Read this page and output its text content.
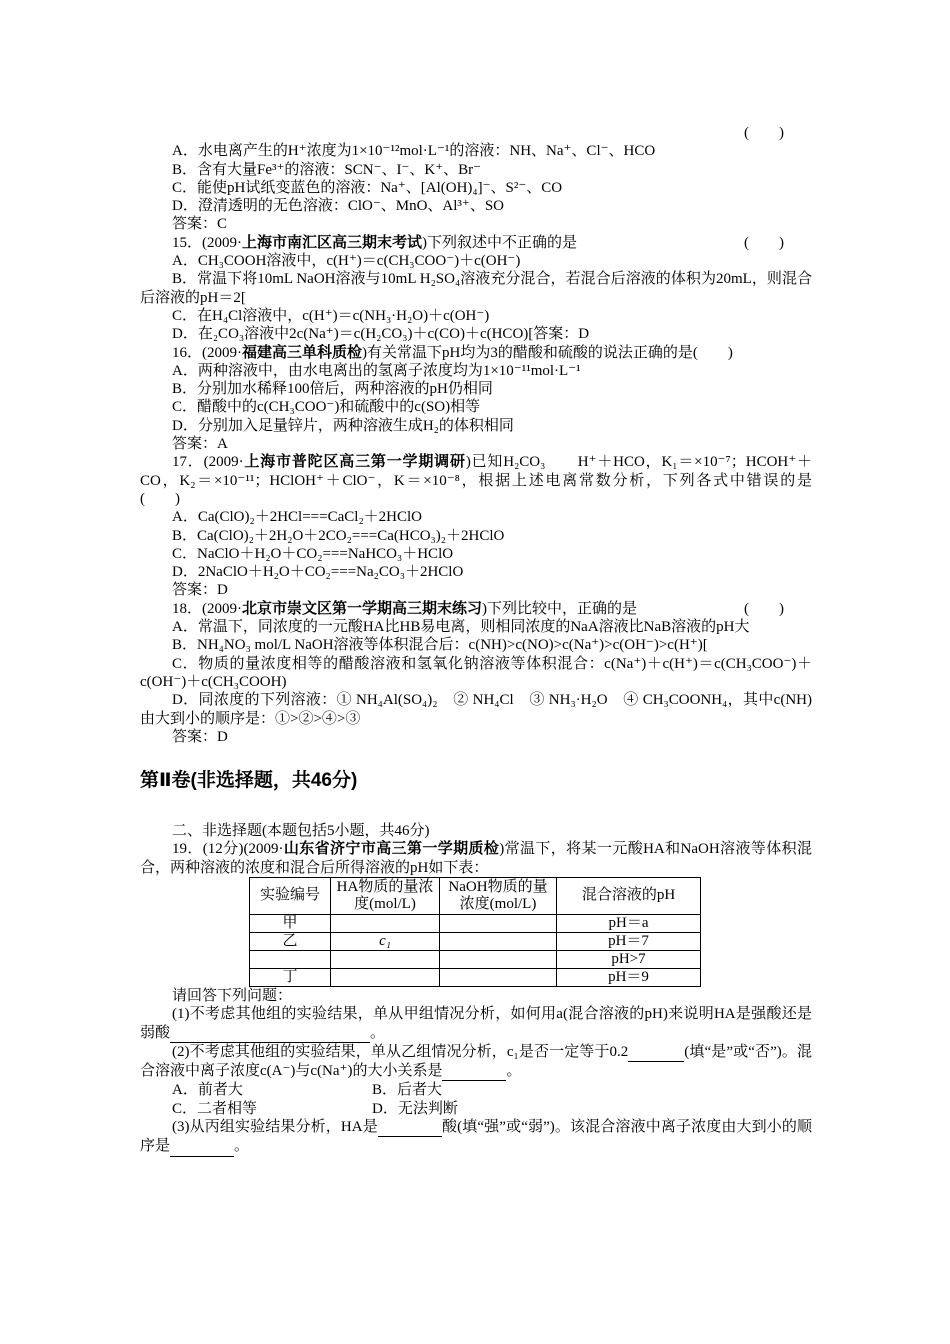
(　　)
A．水电离产生的H⁺浓度为1×10⁻¹²mol·L⁻¹的溶液：NH、Na⁺、Cl⁻、HCO
B．含有大量Fe³⁺的溶液：SCN⁻、I⁻、K⁺、Br⁻
C．能使pH试纸变蓝色的溶液：Na⁺、[Al(OH)₄]⁻、S²⁻、CO
D．澄清透明的无色溶液：ClO⁻、MnO、Al³⁺、SO
答案：C
15．(2009·上海市南汇区高三期末考试)下列叙述中不正确的是	(　　)
A．CH₃COOH溶液中，c(H⁺)＝c(CH₃COO⁻)＋c(OH⁻)
B．常温下将10mL NaOH溶液与10mL H₂SO₄溶液充分混合，若混合后溶液的体积为20mL，则混合后溶液的pH＝2[
C．在H₄Cl溶液中，c(H⁺)＝c(NH₃·H₂O)＋c(OH⁻)
D．在₂CO₃溶液中2c(Na⁺)＝c(H₂CO₃)＋c(CO)＋c(HCO)[答案：D
16．(2009·福建高三单科质检)有关常温下pH均为3的醋酸和硫酸的说法正确的是(　　)
A．两种溶液中，由水电离出的氢离子浓度均为1×10⁻¹¹mol·L⁻¹
B．分别加水稀释100倍后，两种溶液的pH仍相同
C．醋酸中的c(CH₃COO⁻)和硫酸中的c(SO)相等
D．分别加入足量锌片，两种溶液生成H₂的体积相同
答案：A
17．(2009·上海市普陀区高三第一学期调研)已知H₂CO₃　　H⁺＋HCO，K₁＝×10⁻⁷；HCOH⁺＋CO，K₂＝×10⁻¹¹；HClOH⁺＋ClO⁻，K＝×10⁻⁸，根据上述电离常数分析，下列各式中错误的是　　　　　　　　　　　　　　　　　　　(　　)
A．Ca(ClO)₂＋2HCl===CaCl₂＋2HClO
B．Ca(ClO)₂＋2H₂O＋2CO₂===Ca(HCO₃)₂＋2HClO
C．NaClO＋H₂O＋CO₂===NaHCO₃＋HClO
D．2NaClO＋H₂O＋CO₂===Na₂CO₃＋2HClO
答案：D
18．(2009·北京市崇文区第一学期高三期末练习)下列比较中，正确的是	(　　)
A．常温下，同浓度的一元酸HA比HB易电离，则相同浓度的NaA溶液比NaB溶液的pH大
B．NH₄NO₃ mol/L NaOH溶液等体积混合后：c(NH)>c(NO)>c(Na⁺)>c(OH⁻)>c(H⁺)[
C．物质的量浓度相等的醋酸溶液和氢氧化钠溶液等体积混合：c(Na⁺)＋c(H⁺)＝c(CH₃COO⁻)＋c(OH⁻)＋c(CH₃COOH)
D．同浓度的下列溶液：① NH₄Al(SO₄)₂　② NH₄Cl　③ NH₃·H₂O　④ CH₃COONH₄，其中c(NH)由大到小的顺序是：①>②>④>③
答案：D
第Ⅱ卷(非选择题，共46分)
二、非选择题(本题包括5小题，共46分)
19．(12分)(2009·山东省济宁市高三第一学期质检)常温下，将某一元酸HA和NaOH溶液等体积混合，两种溶液的浓度和混合后所得溶液的pH如下表：
实验编号	HA物质的量浓度(mol/L)	NaOH物质的量浓度(mol/L)	混合溶液的pH
甲			pH＝a
乙	c₁		pH＝7
			pH>7
丁			pH＝9
请回答下列问题：
(1)不考虑其他组的实验结果，单从甲组情况分析，如何用a(混合溶液的pH)来说明HA是强酸还是弱酸	。
(2)不考虑其他组的实验结果，单从乙组情况分析，c₁是否一定等于0.2	(填“是”或“否”)。混合溶液中离子浓度c(A⁻)与c(Na⁺)的大小关系是	。
A．前者大	B．后者大
C．二者相等	D．无法判断
(3)从丙组实验结果分析，HA是	酸(填“强”或“弱”)。该混合溶液中离子浓度由大到小的顺序是	。
